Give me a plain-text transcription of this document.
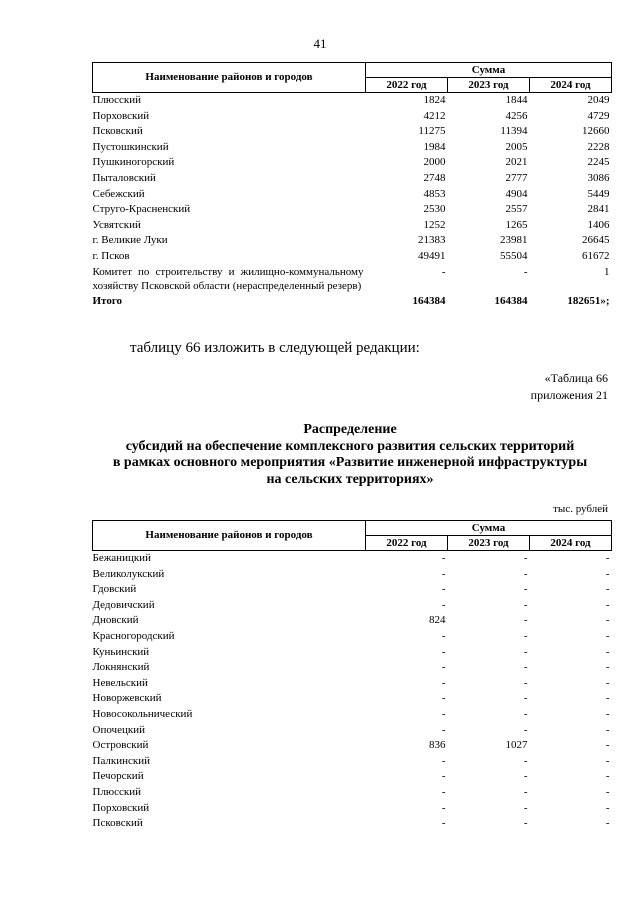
41
Наименование районов и городов	Сумма		
	2022 год	2023 год	2024 год
Плюсский	1824	1844	2049
Порховский	4212	4256	4729
Псковский	11275	11394	12660
Пустошкинский	1984	2005	2228
Пушкиногорский	2000	2021	2245
Пыталовский	2748	2777	3086
Себежский	4853	4904	5449
Струго-Красненский	2530	2557	2841
Усвятский	1252	1265	1406
г. Великие Луки	21383	23981	26645
г. Псков	49491	55504	61672
Комитет по строительству и жилищно-коммунальному хозяйству Псковской области (нераспределенный резерв)	-	-	1
Итого	164384	164384	182651»;
таблицу 66 изложить в следующей редакции:
«Таблица 66
приложения 21
Распределение
субсидий на обеспечение комплексного развития сельских территорий
в рамках основного мероприятия «Развитие инженерной инфраструктуры
на сельских территориях»
тыс. рублей
Наименование районов и городов	Сумма		
	2022 год	2023 год	2024 год
Бежаницкий	-	-	-
Великолукский	-	-	-
Гдовский	-	-	-
Дедовичский	-	-	-
Дновский	824	-	-
Красногородский	-	-	-
Куньинский	-	-	-
Локнянский	-	-	-
Невельский	-	-	-
Новоржевский	-	-	-
Новосокольнический	-	-	-
Опочецкий	-	-	-
Островский	836	1027	-
Палкинский	-	-	-
Печорский	-	-	-
Плюсский	-	-	-
Порховский	-	-	-
Псковский	-	-	-
